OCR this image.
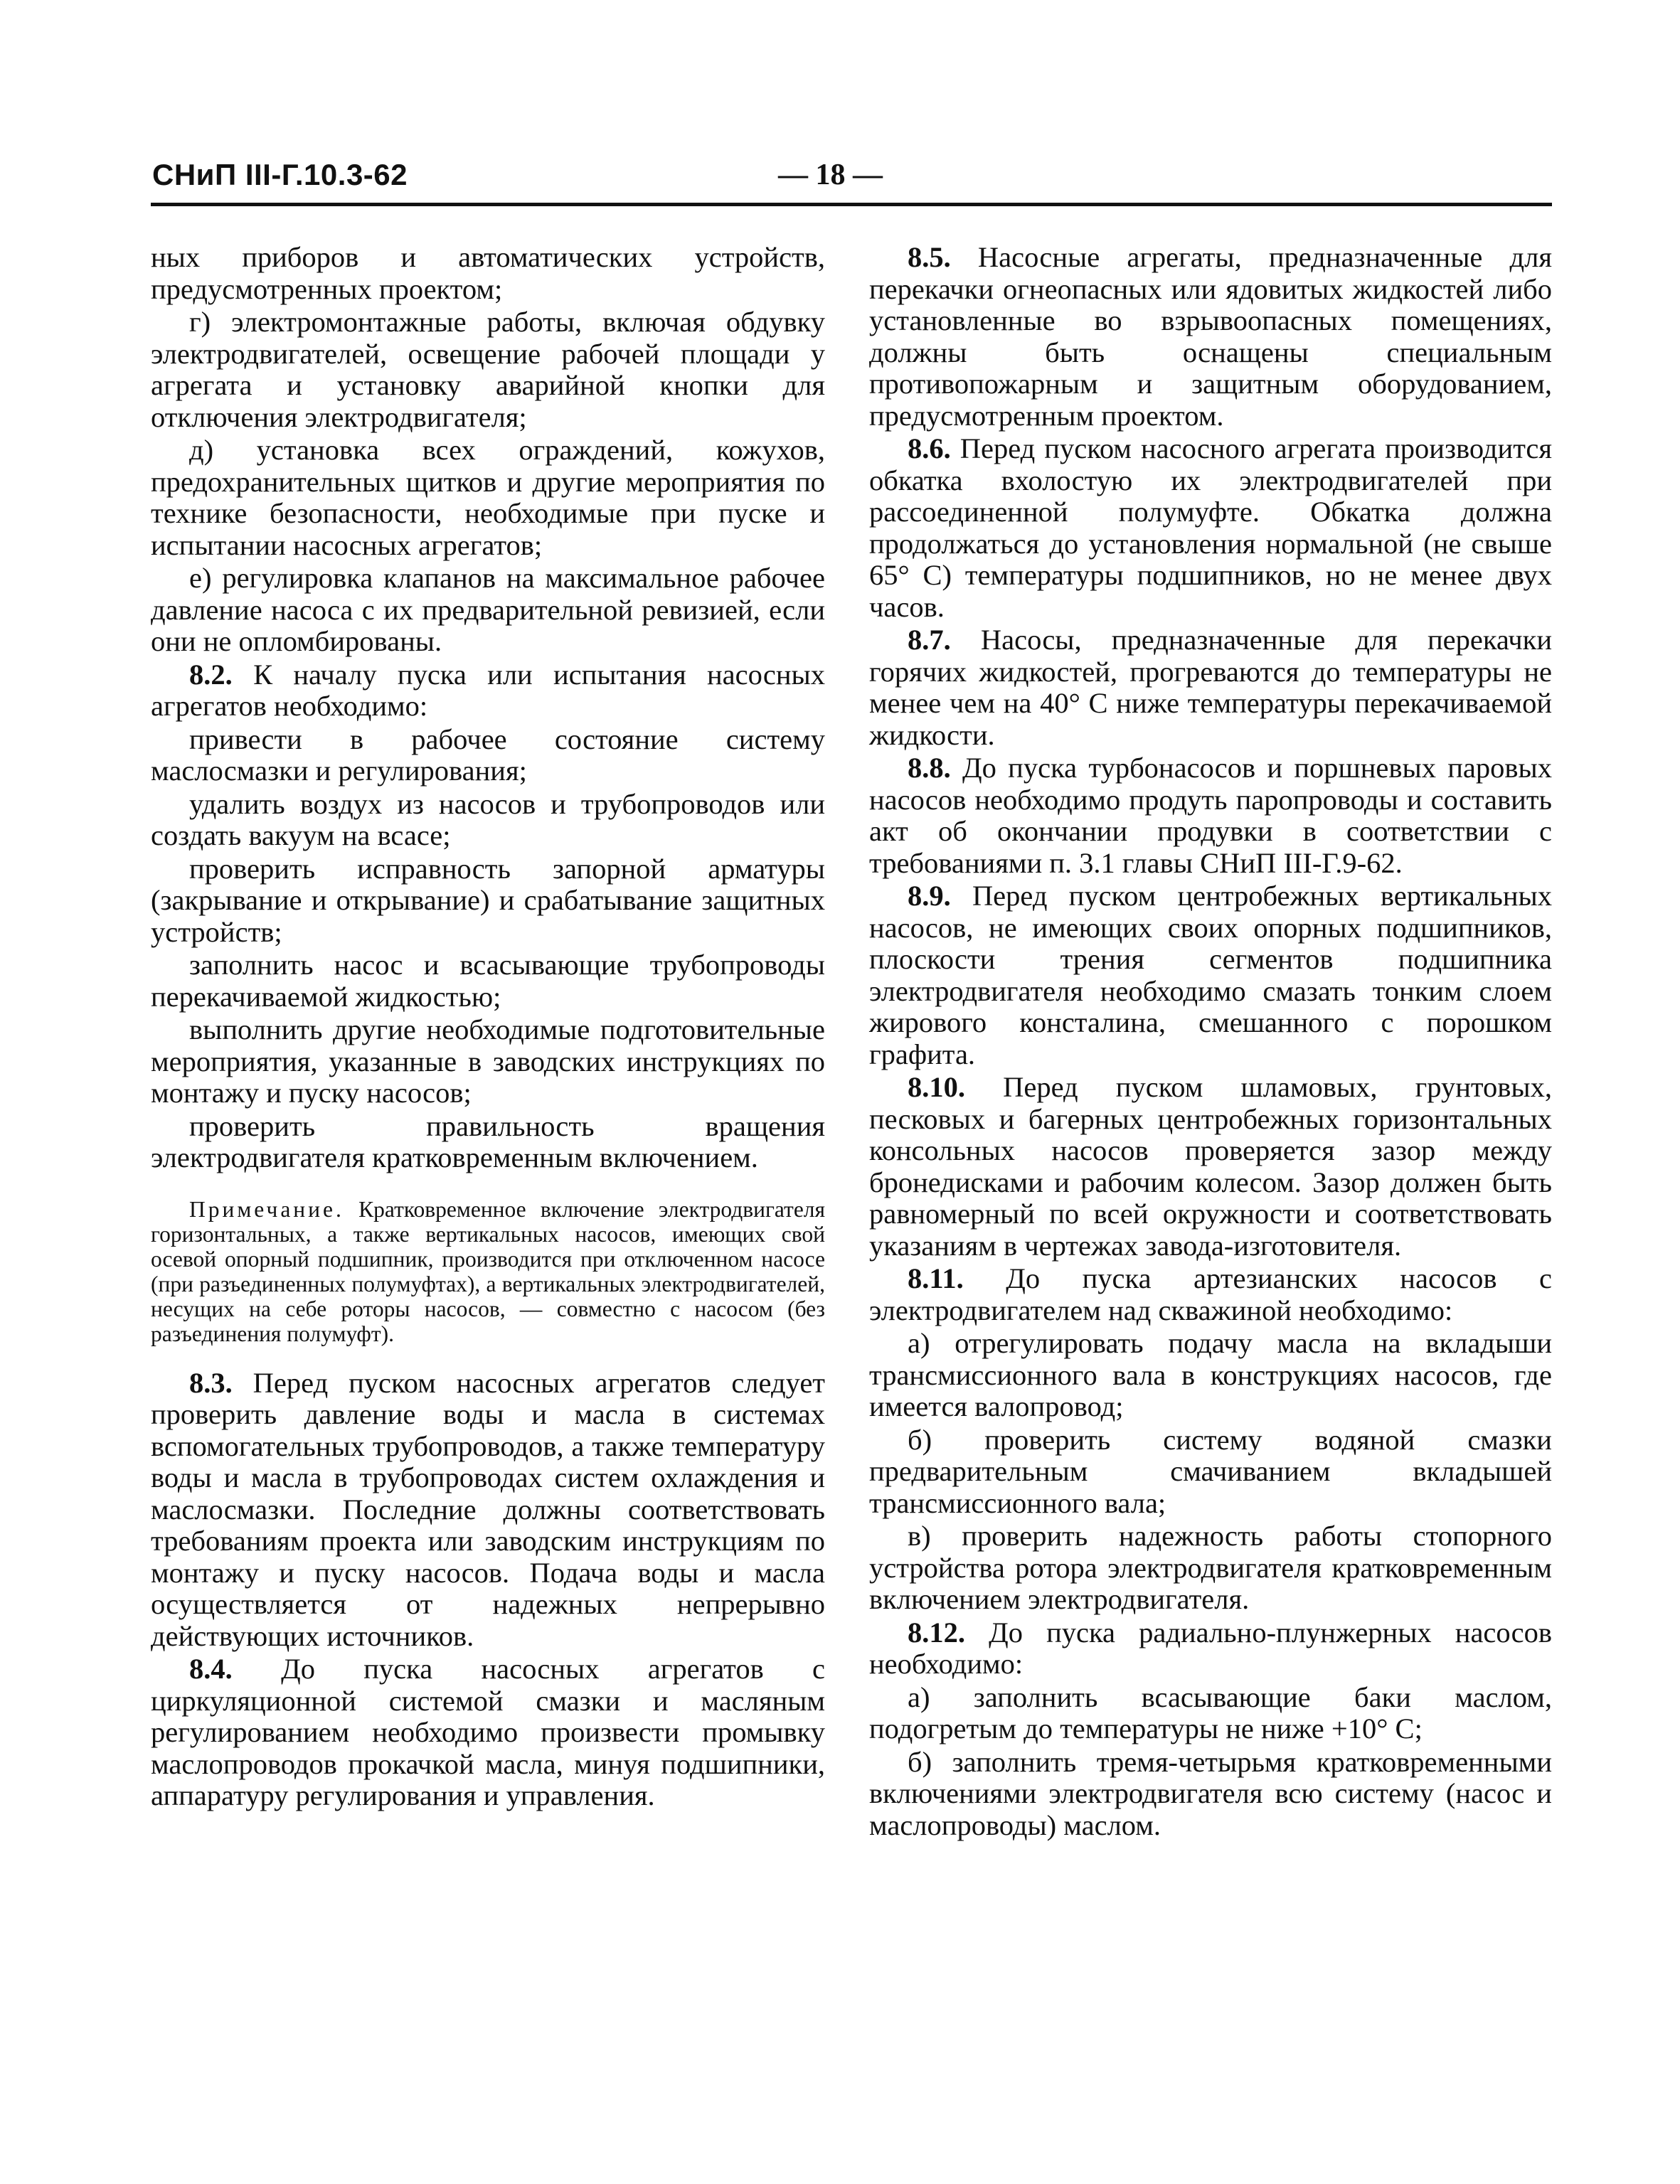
СНиП III-Г.10.3-62	— 18 —

ных приборов и автоматических устройств, предусмотренных проектом;

г) электромонтажные работы, включая обдувку электродвигателей, освещение рабочей площади у агрегата и установку аварийной кнопки для отключения электродвигателя;

д) установка всех ограждений, кожухов, предохранительных щитков и другие мероприятия по технике безопасности, необходимые при пуске и испытании насосных агрегатов;

е) регулировка клапанов на максимальное рабочее давление насоса с их предварительной ревизией, если они не опломбированы.

8.2. К началу пуска или испытания насосных агрегатов необходимо:

привести в рабочее состояние систему маслосмазки и регулирования;

удалить воздух из насосов и трубопроводов или создать вакуум на всасе;

проверить исправность запорной арматуры (закрывание и открывание) и срабатывание защитных устройств;

заполнить насос и всасывающие трубопроводы перекачиваемой жидкостью;

выполнить другие необходимые подготовительные мероприятия, указанные в заводских инструкциях по монтажу и пуску насосов;

проверить правильность вращения электродвигателя кратковременным включением.

Примечание. Кратковременное включение электродвигателя горизонтальных, а также вертикальных насосов, имеющих свой осевой опорный подшипник, производится при отключенном насосе (при разъединенных полумуфтах), а вертикальных электродвигателей, несущих на себе роторы насосов, — совместно с насосом (без разъединения полумуфт).

8.3. Перед пуском насосных агрегатов следует проверить давление воды и масла в системах вспомогательных трубопроводов, а также температуру воды и масла в трубопроводах систем охлаждения и маслосмазки. Последние должны соответствовать требованиям проекта или заводским инструкциям по монтажу и пуску насосов. Подача воды и масла осуществляется от надежных непрерывно действующих источников.

8.4. До пуска насосных агрегатов с циркуляционной системой смазки и масляным регулированием необходимо произвести промывку маслопроводов прокачкой масла, минуя подшипники, аппаратуру регулирования и управления.

8.5. Насосные агрегаты, предназначенные для перекачки огнеопасных или ядовитых жидкостей либо установленные во взрывоопасных помещениях, должны быть оснащены специальным противопожарным и защитным оборудованием, предусмотренным проектом.

8.6. Перед пуском насосного агрегата производится обкатка вхолостую их электродвигателей при рассоединенной полумуфте. Обкатка должна продолжаться до установления нормальной (не свыше 65° С) температуры подшипников, но не менее двух часов.

8.7. Насосы, предназначенные для перекачки горячих жидкостей, прогреваются до температуры не менее чем на 40° С ниже температуры перекачиваемой жидкости.

8.8. До пуска турбонасосов и поршневых паровых насосов необходимо продуть паропроводы и составить акт об окончании продувки в соответствии с требованиями п. 3.1 главы СНиП III-Г.9-62.

8.9. Перед пуском центробежных вертикальных насосов, не имеющих своих опорных подшипников, плоскости трения сегментов подшипника электродвигателя необходимо смазать тонким слоем жирового консталина, смешанного с порошком графита.

8.10. Перед пуском шламовых, грунтовых, песковых и багерных центробежных горизонтальных консольных насосов проверяется зазор между бронедисками и рабочим колесом. Зазор должен быть равномерный по всей окружности и соответствовать указаниям в чертежах завода-изготовителя.

8.11. До пуска артезианских насосов с электродвигателем над скважиной необходимо:

а) отрегулировать подачу масла на вкладыши трансмиссионного вала в конструкциях насосов, где имеется валопровод;

б) проверить систему водяной смазки предварительным смачиванием вкладышей трансмиссионного вала;

в) проверить надежность работы стопорного устройства ротора электродвигателя кратковременным включением электродвигателя.

8.12. До пуска радиально-плунжерных насосов необходимо:

а) заполнить всасывающие баки маслом, подогретым до температуры не ниже +10° С;

б) заполнить тремя-четырьмя кратковременными включениями электродвигателя всю систему (насос и маслопроводы) маслом.
